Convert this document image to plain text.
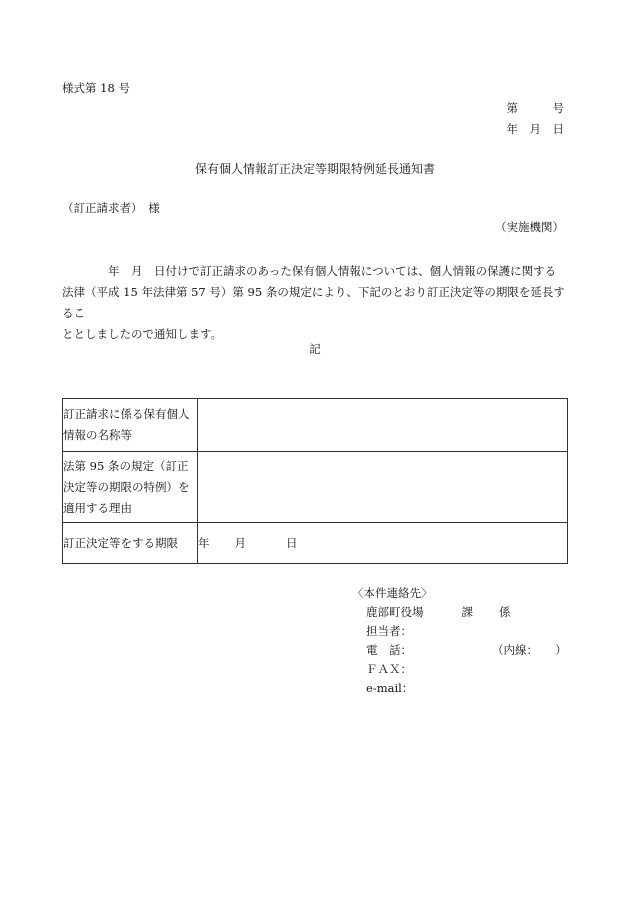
様式第 18 号
第　　　号
年　月　日
保有個人情報訂正決定等期限特例延長通知書
（訂正請求者）　様
（実施機関）

年　月　日付けで訂正請求のあった保有個人情報については、個人情報の保護に関する

法律（平成 15 年法律第 57 号）第 95 条の規定により、下記のとおり訂正決定等の期限を延長するこ

ととしましたので通知します。

記
訂正請求に係る保有個人情報の名称等	
法第 95 条の規定（訂正決定等の期限の特例）を適用する理由	
訂正決定等をする期限	年 月 日
〈本件連絡先〉
鹿部町役場	課 係
担当者：
電　話：	（内線：　　）
ＦＡＸ：
e-mail：
